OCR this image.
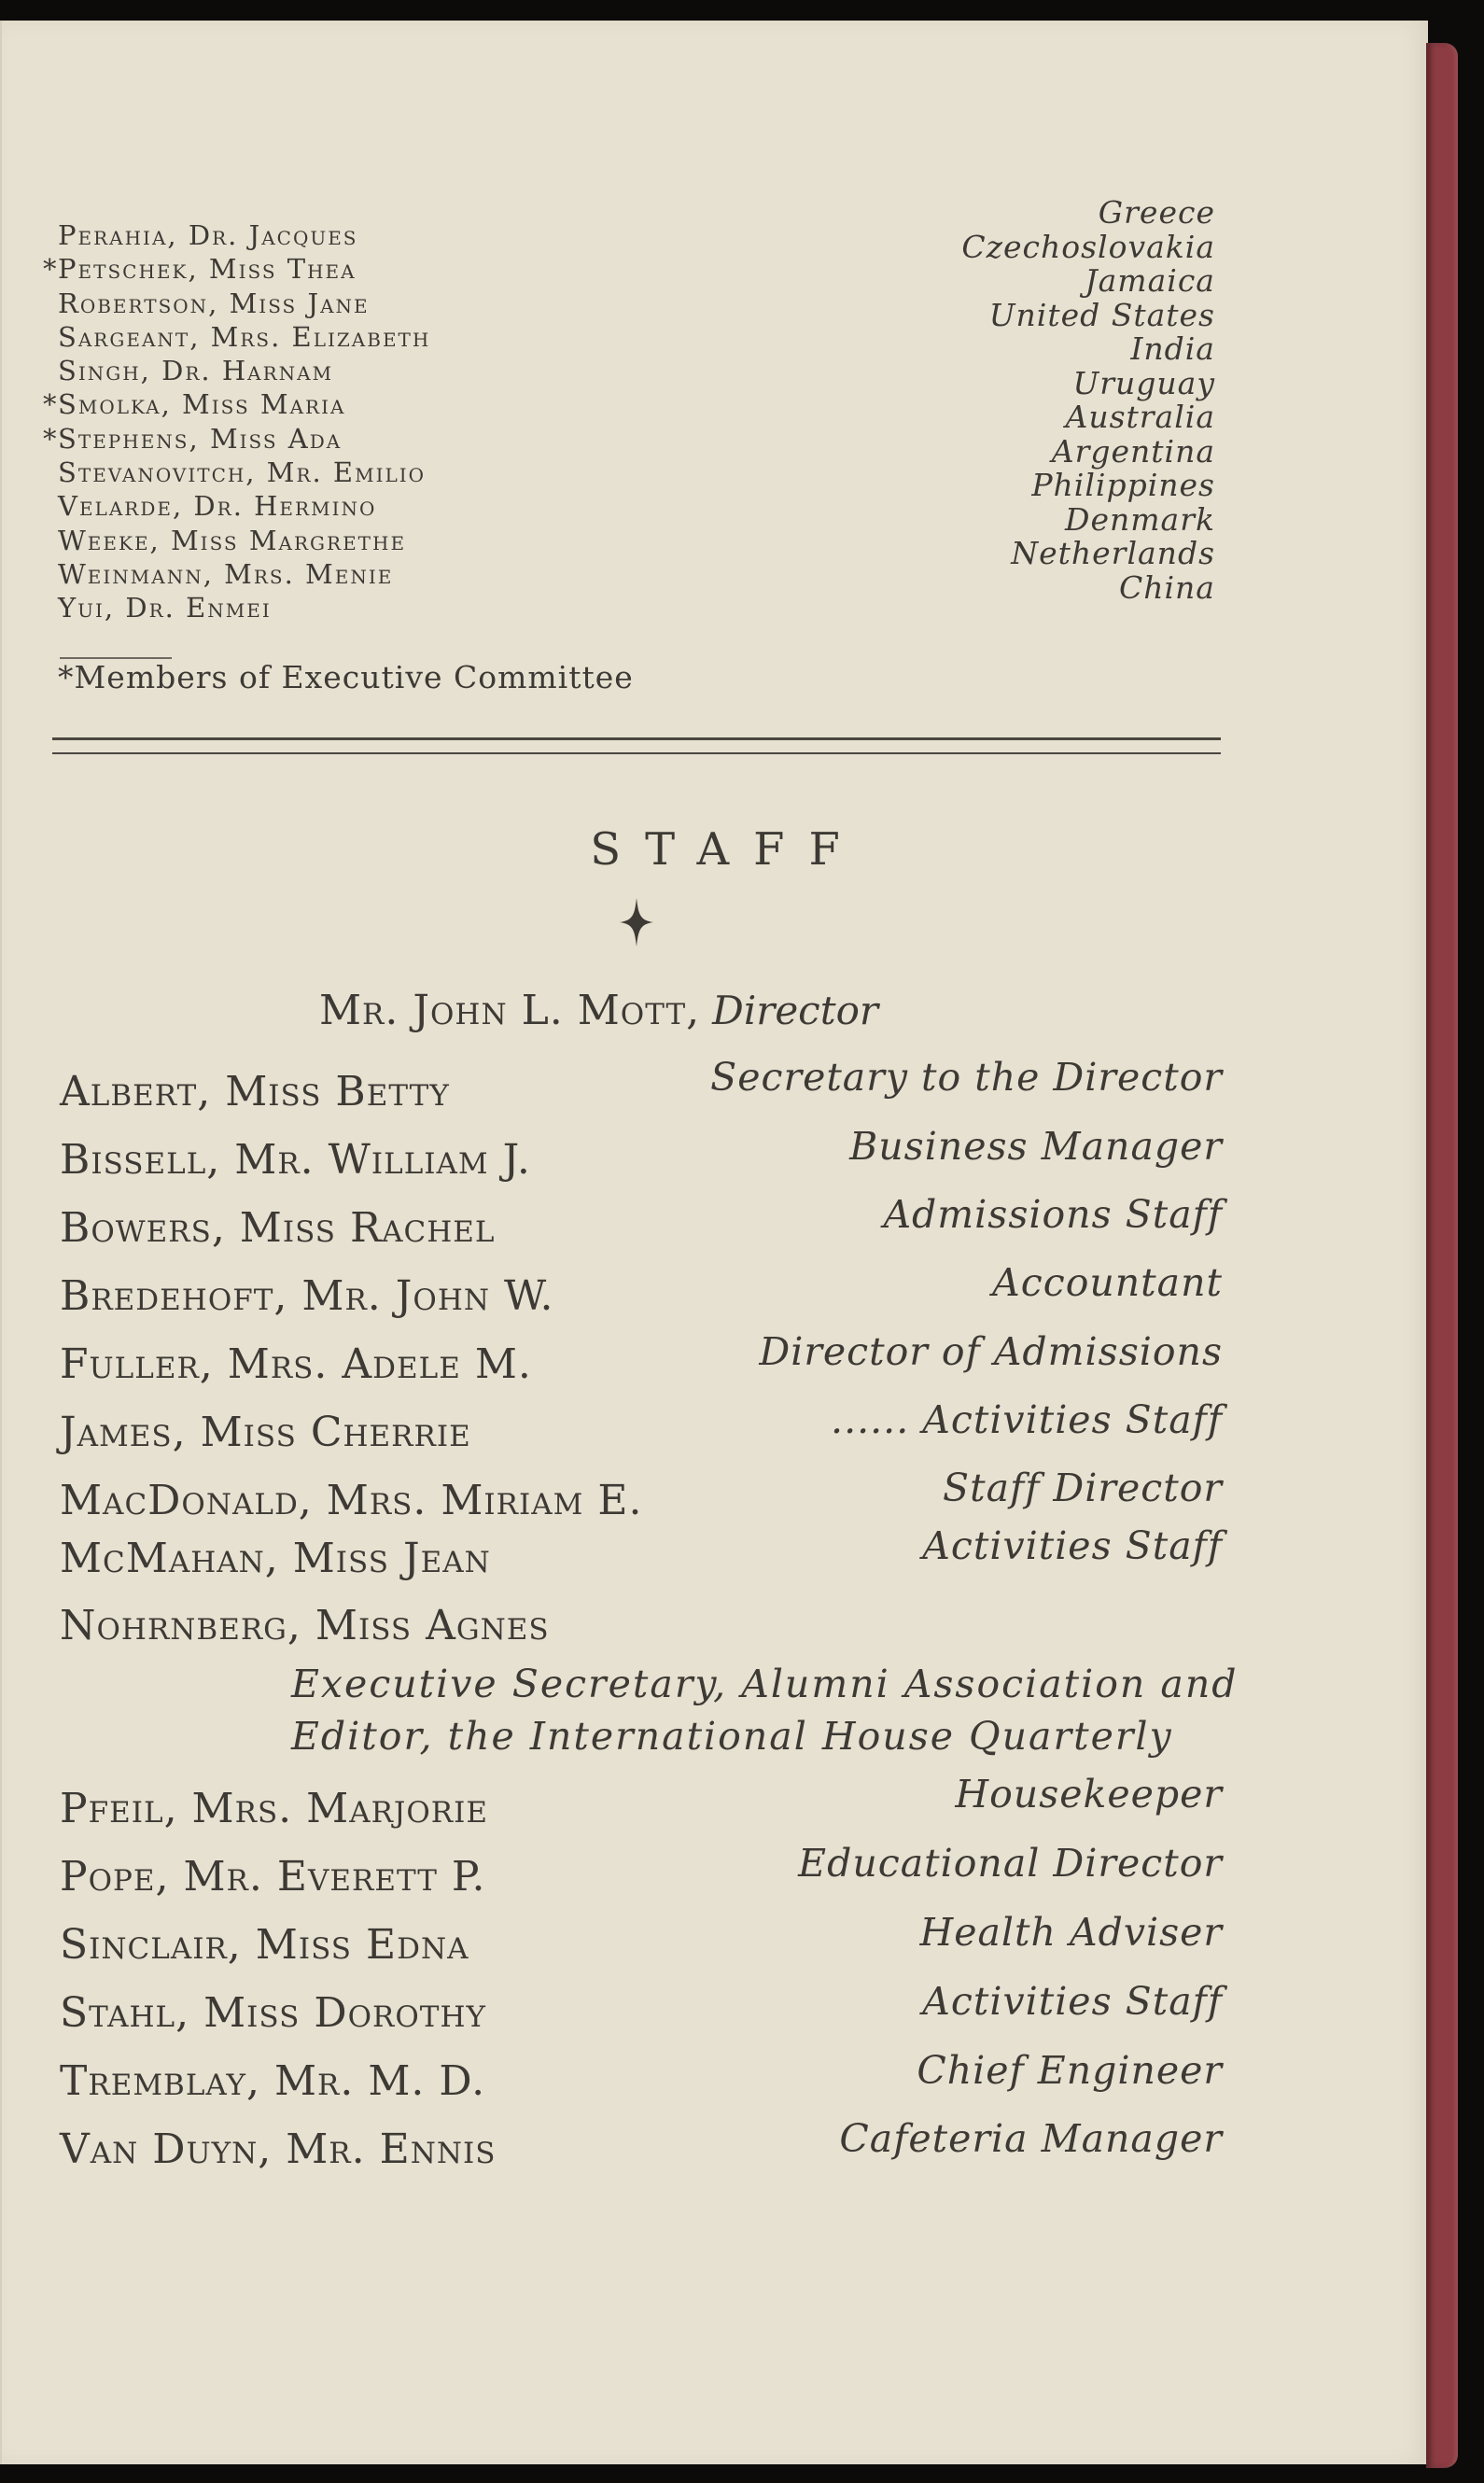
Perahia, Dr. Jacques
*Petschek, Miss Thea
Robertson, Miss Jane
Sargeant, Mrs. Elizabeth
Singh, Dr. Harnam
*Smolka, Miss Maria
*Stephens, Miss Ada
Stevanovitch, Mr. Emilio
Velarde, Dr. Hermino
Weeke, Miss Margrethe
Weinmann, Mrs. Menie
Yui, Dr. Enmei
Greece
Czechoslovakia
Jamaica
United States
India
Uruguay
Australia
Argentina
Philippines
Denmark
Netherlands
China
*Members of Executive Committee
STAFF
Mr. John L. Mott, Director
Albert, Miss Betty
Bissell, Mr. William J.
Bowers, Miss Rachel
Bredehoft, Mr. John W.
Fuller, Mrs. Adele M.
James, Miss Cherrie
MacDonald, Mrs. Miriam E.
McMahan, Miss Jean
Nohrnberg, Miss Agnes
Pfeil, Mrs. Marjorie
Pope, Mr. Everett P.
Sinclair, Miss Edna
Stahl, Miss Dorothy
Tremblay, Mr. M. D.
Van Duyn, Mr. Ennis
Secretary to the Director
Business Manager
Admissions Staff
Accountant
Director of Admissions
...... Activities Staff
Staff Director
Activities Staff
Housekeeper
Educational Director
Health Adviser
Activities Staff
Chief Engineer
Cafeteria Manager
Executive Secretary, Alumni Association and
Editor, the International House Quarterly
